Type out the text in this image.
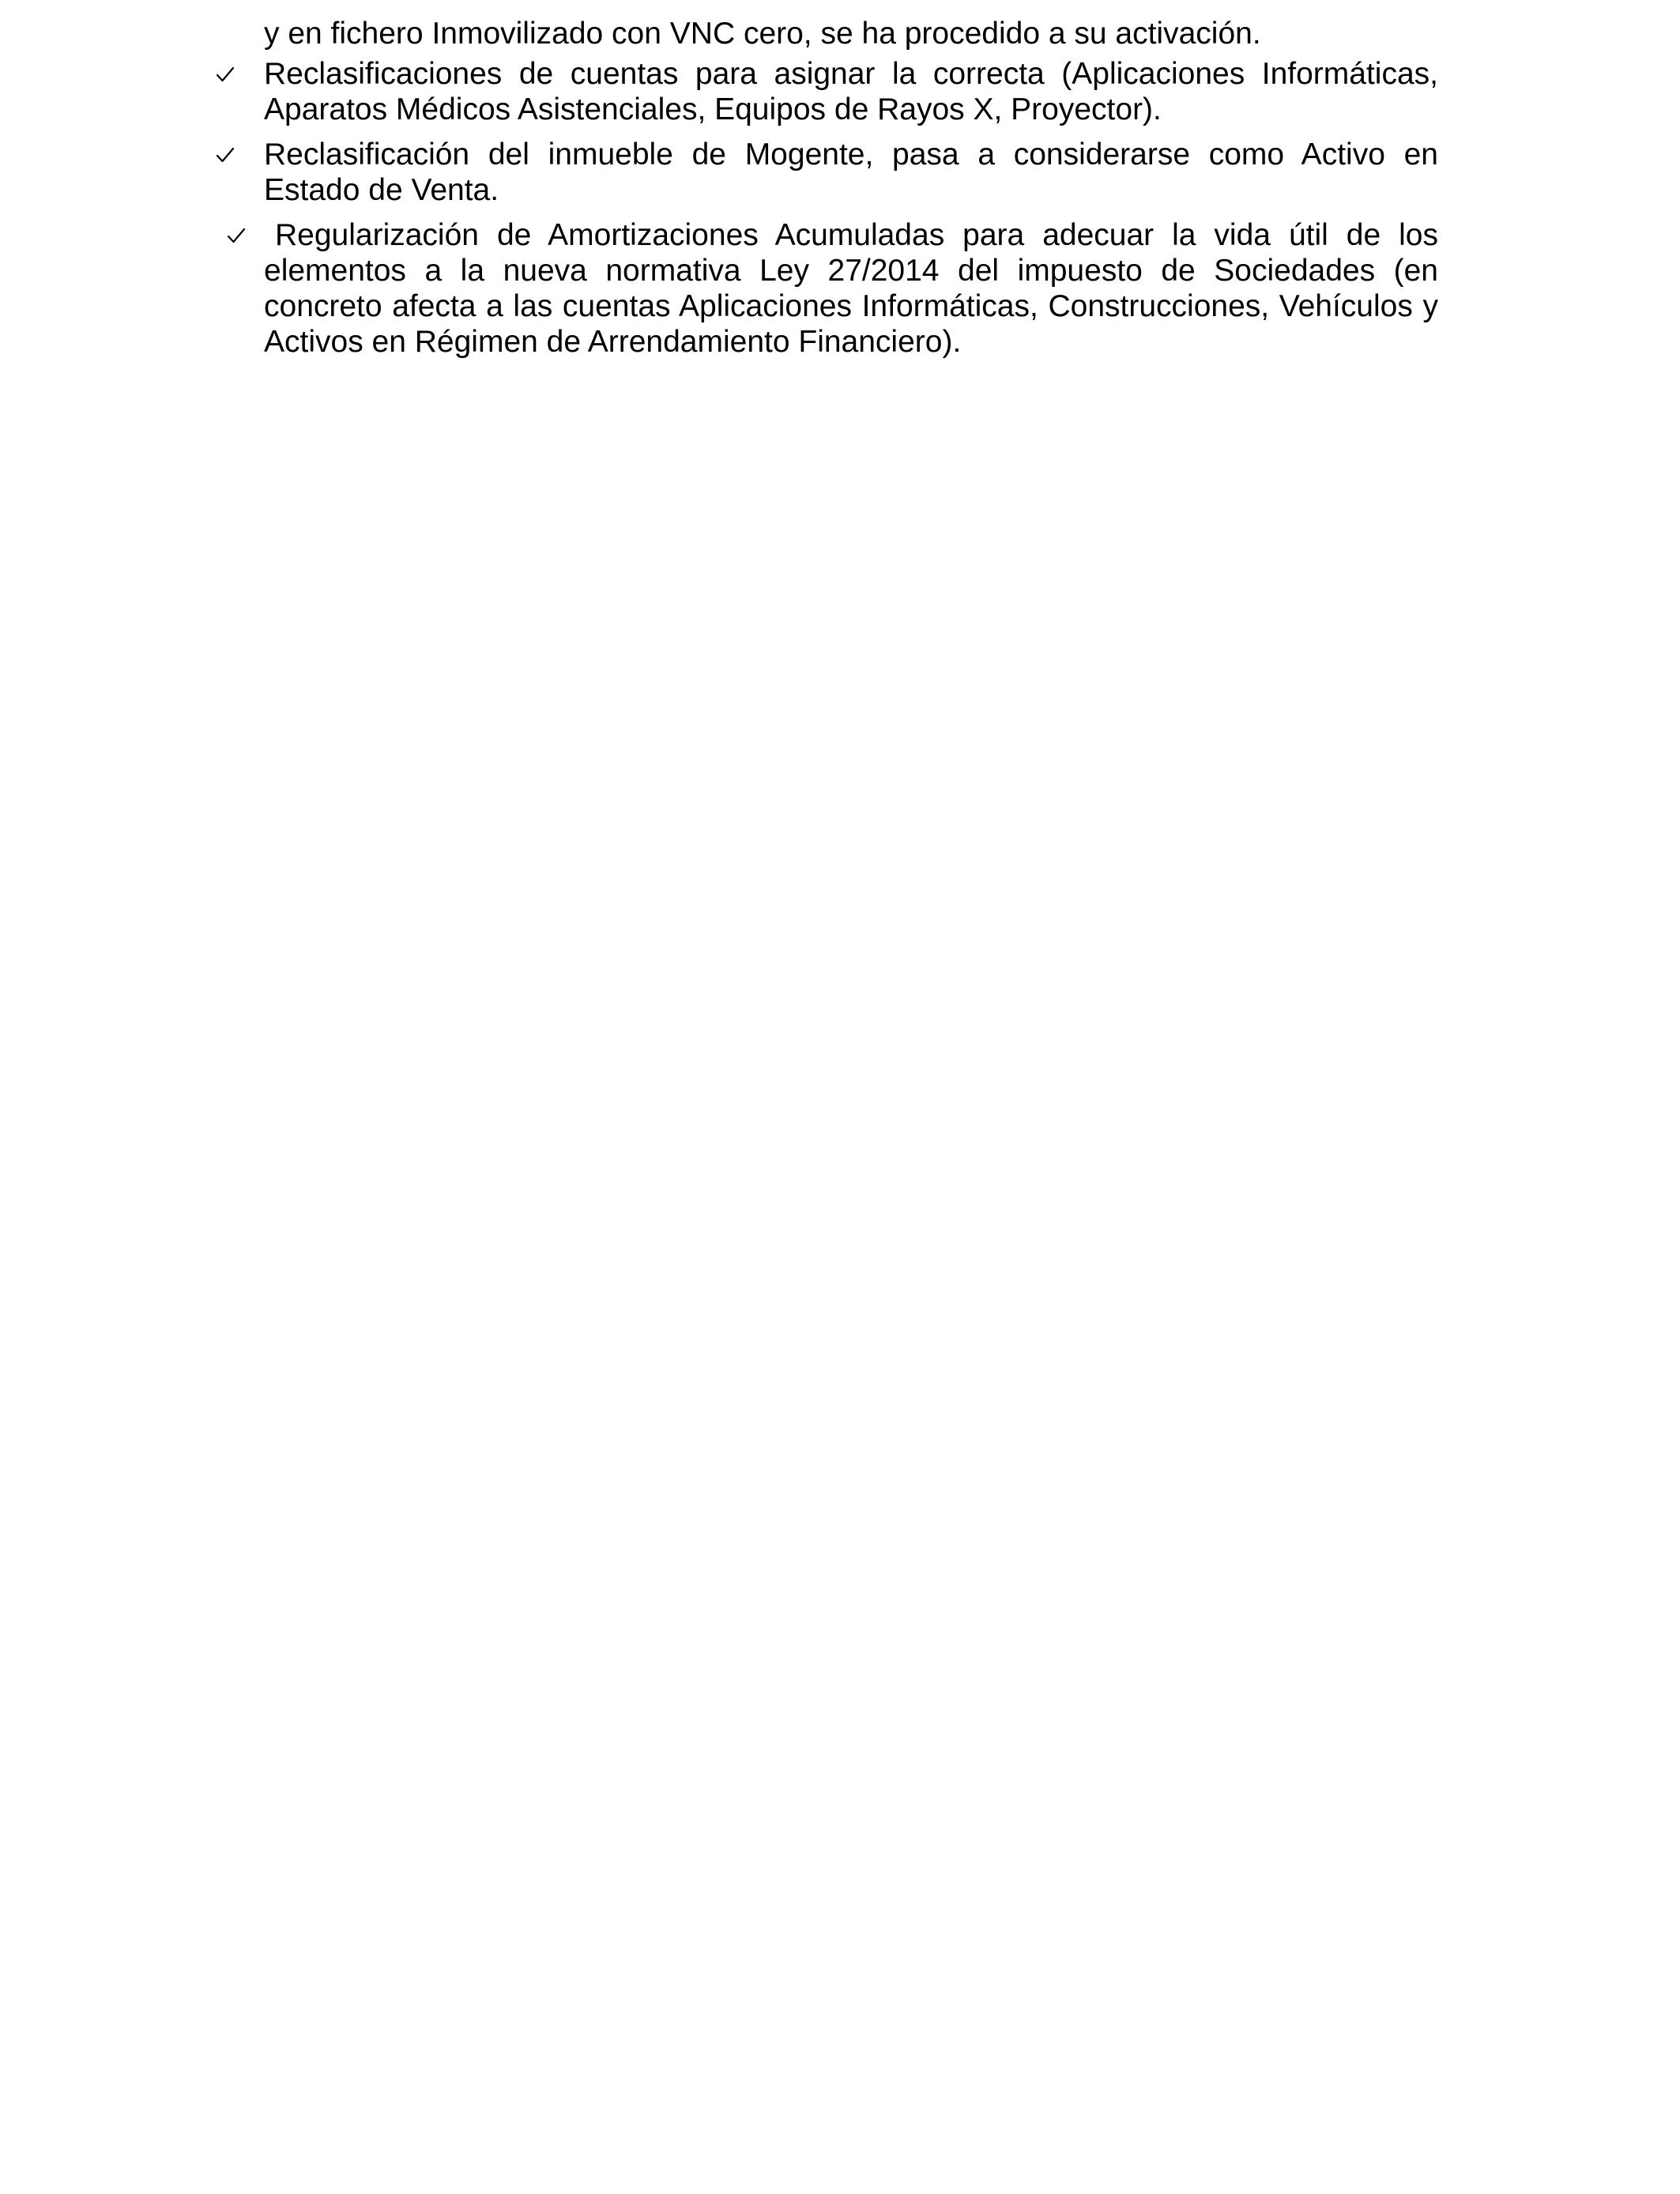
y en fichero Inmovilizado con VNC cero, se ha procedido a su activación.

Reclasificaciones de cuentas para asignar la correcta (Aplicaciones Informáticas, Aparatos Médicos Asistenciales, Equipos de Rayos X, Proyector).
Reclasificación del inmueble de Mogente, pasa a considerarse como Activo en Estado de Venta.
Regularización de Amortizaciones Acumuladas para adecuar la vida útil de los elementos a la nueva normativa Ley 27/2014 del impuesto de Sociedades (en concreto afecta a las cuentas Aplicaciones Informáticas, Construcciones, Vehículos y Activos en Régimen de Arrendamiento Financiero).
